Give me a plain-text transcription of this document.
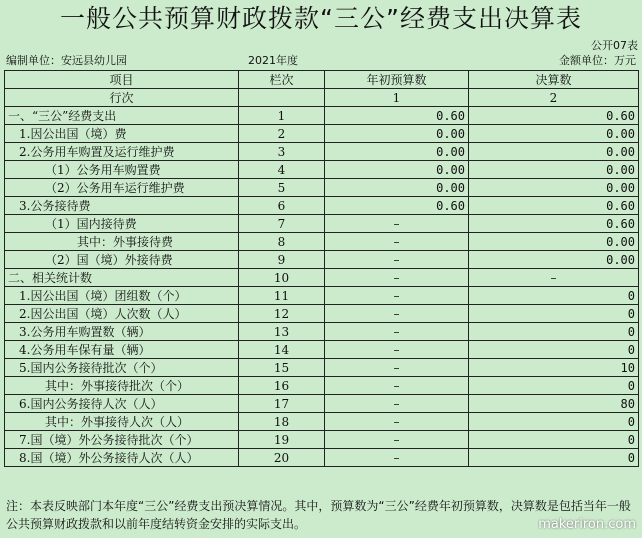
一般公共预算财政拨款“三公”经费支出决算表
公开07表
编制单位：安远县幼儿园	2021年度	金额单位：万元
项目	栏次	年初预算数	决算数
行次		1	2
一、“三公”经费支出	1	0.60	0.60
1.因公出国（境）费	2	0.00	0.00
2.公务用车购置及运行维护费	3	0.00	0.00
（1）公务用车购置费	4	0.00	0.00
（2）公务用车运行维护费	5	0.00	0.00
3.公务接待费	6	0.60	0.60
（1）国内接待费	7	–	0.60
其中：外事接待费	8	–	0.00
（2）国（境）外接待费	9	–	0.00
二、相关统计数	10	–	–
1.因公出国（境）团组数（个）	11	–	0
2.因公出国（境）人次数（人）	12	–	0
3.公务用车购置数（辆）	13	–	0
4.公务用车保有量（辆）	14	–	0
5.国内公务接待批次（个）	15	–	10
其中：外事接待批次（个）	16	–	0
6.国内公务接待人次（人）	17	–	80
其中：外事接待人次（人）	18	–	0
7.国（境）外公务接待批次（个）	19	–	0
8.国（境）外公务接待人次（人）	20	–	0
注：本表反映部门本年度“三公”经费支出预决算情况。其中，预算数为“三公”经费年初预算数，决算数是包括当年一般公共预算财政拨款和以前年度结转资金安排的实际支出。	makeriron.com
